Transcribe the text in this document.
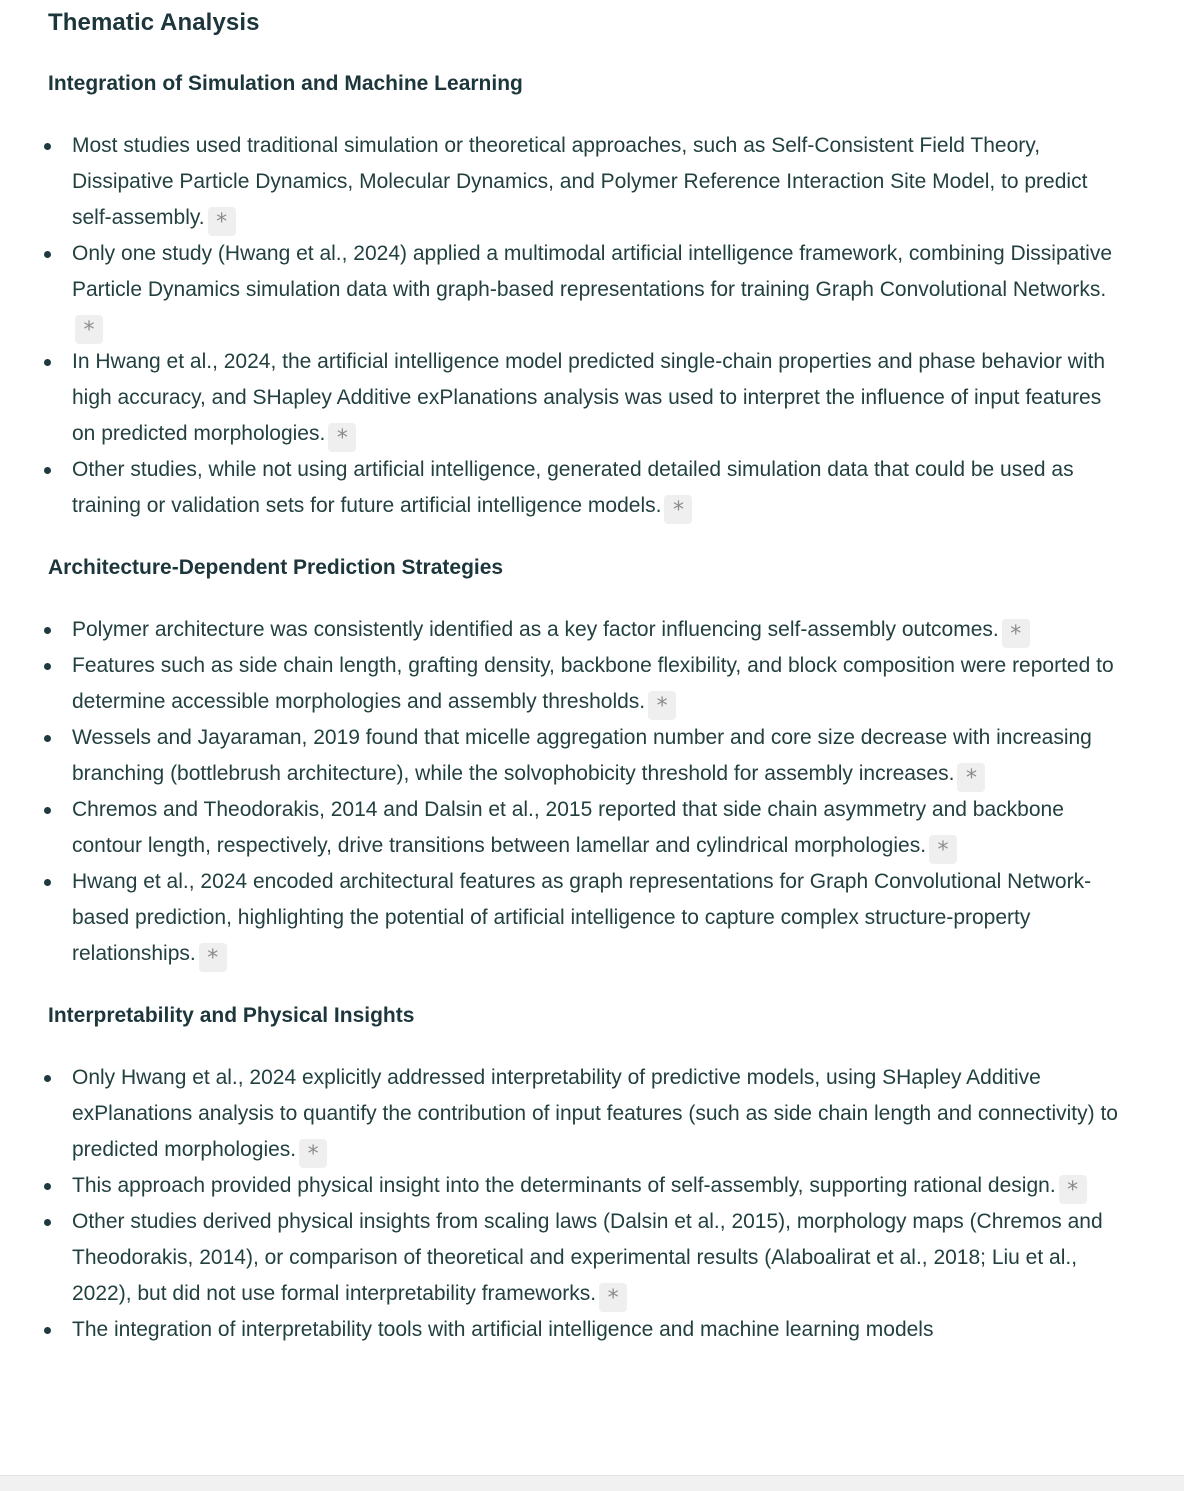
Thematic Analysis
Integration of Simulation and Machine Learning
Most studies used traditional simulation or theoretical approaches, such as Self-Consistent Field Theory, Dissipative Particle Dynamics, Molecular Dynamics, and Polymer Reference Interaction Site Model, to predict self-assembly. *
Only one study (Hwang et al., 2024) applied a multimodal artificial intelligence framework, combining Dissipative Particle Dynamics simulation data with graph-based representations for training Graph Convolutional Networks.*
In Hwang et al., 2024, the artificial intelligence model predicted single-chain properties and phase behavior with high accuracy, and SHapley Additive exPlanations analysis was used to interpret the influence of input features on predicted morphologies. *
Other studies, while not using artificial intelligence, generated detailed simulation data that could be used as training or validation sets for future artificial intelligence models. *
Architecture-Dependent Prediction Strategies
Polymer architecture was consistently identified as a key factor influencing self-assembly outcomes. *
Features such as side chain length, grafting density, backbone flexibility, and block composition were reported to determine accessible morphologies and assembly thresholds. *
Wessels and Jayaraman, 2019 found that micelle aggregation number and core size decrease with increasing branching (bottlebrush architecture), while the solvophobicity threshold for assembly increases. *
Chremos and Theodorakis, 2014 and Dalsin et al., 2015 reported that side chain asymmetry and backbone contour length, respectively, drive transitions between lamellar and cylindrical morphologies. *
Hwang et al., 2024 encoded architectural features as graph representations for Graph Convolutional Network-based prediction, highlighting the potential of artificial intelligence to capture complex structure-property relationships. *
Interpretability and Physical Insights
Only Hwang et al., 2024 explicitly addressed interpretability of predictive models, using SHapley Additive exPlanations analysis to quantify the contribution of input features (such as side chain length and connectivity) to predicted morphologies. *
This approach provided physical insight into the determinants of self-assembly, supporting rational design. *
Other studies derived physical insights from scaling laws (Dalsin et al., 2015), morphology maps (Chremos and Theodorakis, 2014), or comparison of theoretical and experimental results (Alaboalirat et al., 2018; Liu et al., 2022), but did not use formal interpretability frameworks. *
The integration of interpretability tools with artificial intelligence and machine learning models
